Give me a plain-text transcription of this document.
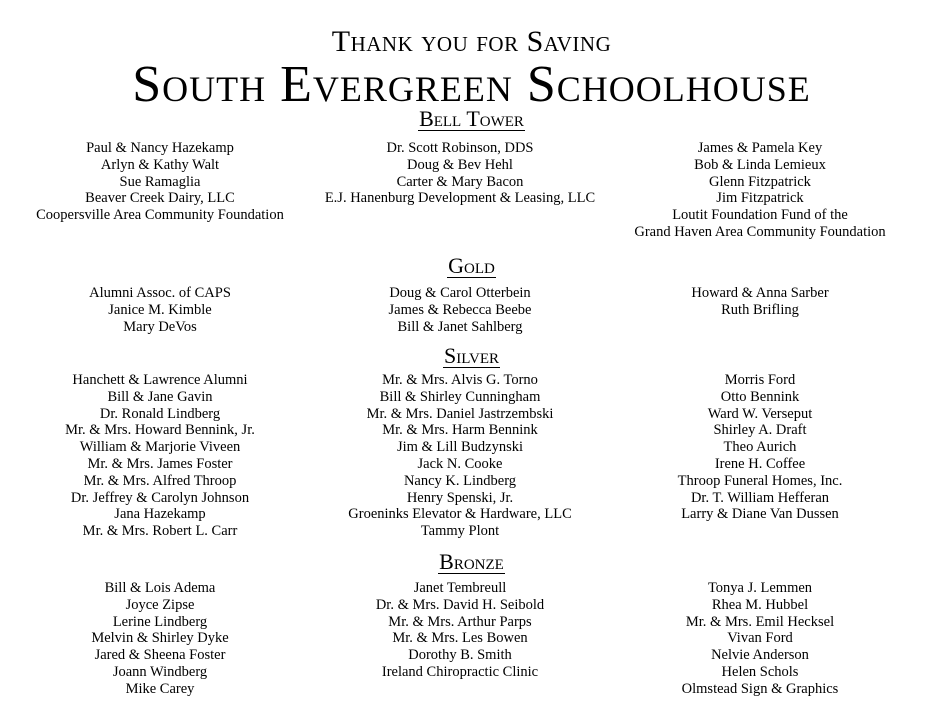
Thank you for Saving
South Evergreen Schoolhouse
Bell Tower
Paul & Nancy Hazekamp
Arlyn & Kathy Walt
Sue Ramaglia
Beaver Creek Dairy, LLC
Coopersville Area Community Foundation
Dr. Scott Robinson, DDS
Doug & Bev Hehl
Carter & Mary Bacon
E.J. Hanenburg Development & Leasing, LLC
James & Pamela Key
Bob & Linda Lemieux
Glenn Fitzpatrick
Jim Fitzpatrick
Loutit Foundation Fund of the
Grand Haven Area Community Foundation
Gold
Alumni Assoc. of CAPS
Janice M. Kimble
Mary DeVos
Doug & Carol Otterbein
James & Rebecca Beebe
Bill & Janet Sahlberg
Howard & Anna Sarber
Ruth Brifling
Silver
Hanchett & Lawrence Alumni
Bill & Jane Gavin
Dr. Ronald Lindberg
Mr. & Mrs. Howard Bennink, Jr.
William & Marjorie Viveen
Mr. & Mrs. James Foster
Mr. & Mrs. Alfred Throop
Dr. Jeffrey & Carolyn Johnson
Jana Hazekamp
Mr. & Mrs. Robert L. Carr
Mr. & Mrs. Alvis G. Torno
Bill & Shirley Cunningham
Mr. & Mrs. Daniel Jastrzembski
Mr. & Mrs. Harm Bennink
Jim & Lill Budzynski
Jack N. Cooke
Nancy K. Lindberg
Henry Spenski, Jr.
Groeninks Elevator & Hardware, LLC
Tammy Plont
Morris Ford
Otto Bennink
Ward W. Verseput
Shirley A. Draft
Theo Aurich
Irene H. Coffee
Throop Funeral Homes, Inc.
Dr. T. William Hefferan
Larry & Diane Van Dussen
Bronze
Bill & Lois Adema
Joyce Zipse
Lerine Lindberg
Melvin & Shirley Dyke
Jared & Sheena Foster
Joann Windberg
Mike Carey
Janet Tembreull
Dr. & Mrs. David H. Seibold
Mr. & Mrs. Arthur Parps
Mr. & Mrs. Les Bowen
Dorothy B. Smith
Ireland Chiropractic Clinic
Tonya J. Lemmen
Rhea M. Hubbel
Mr. & Mrs. Emil Hecksel
Vivan Ford
Nelvie Anderson
Helen Schols
Olmstead Sign & Graphics
